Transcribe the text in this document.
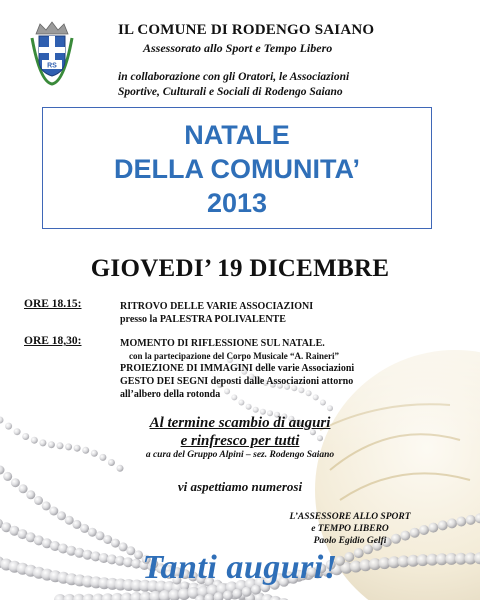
RS
IL COMUNE DI RODENGO SAIANO
Assessorato allo Sport e Tempo Libero
in collaborazione con gli Oratori, le Associazioni
Sportive, Culturali e Sociali di Rodengo Saiano
NATALE
DELLA COMUNITA’
2013
GIOVEDI’ 19 DICEMBRE
ORE 18.15:	RITROVO DELLE VARIE ASSOCIAZIONI
presso la PALESTRA POLIVALENTE
ORE 18,30:	MOMENTO DI RIFLESSIONE SUL NATALE.
con la partecipazione del Corpo Musicale “A. Raineri”
PROIEZIONE DI IMMAGINI delle varie Associazioni
GESTO DEI SEGNI deposti dalle Associazioni attorno
all’albero della rotonda
Al termine scambio di auguri
e rinfresco per tutti
a cura del Gruppo Alpini – sez. Rodengo Saiano
vi aspettiamo numerosi
L’ASSESSORE ALLO SPORT
e TEMPO LIBERO
Paolo Egidio Gelfi
Tanti auguri!
